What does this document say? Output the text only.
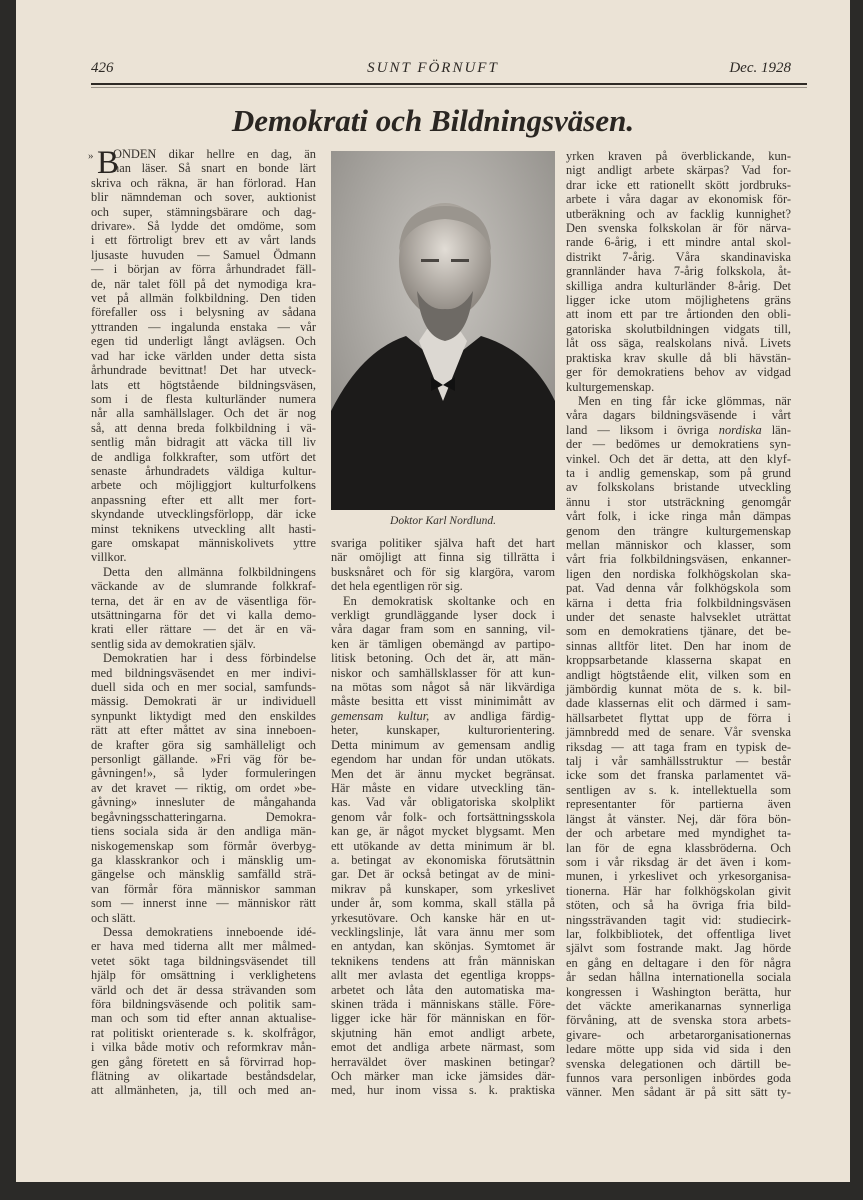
426	SUNT FÖRNUFT	Dec. 1928
Demokrati och Bildningsväsen.
Doktor Karl Nordlund.
» B
ONDEN dikar hellre en dag, än
han läser. Så snart en bonde lärt
skriva och räkna, är han förlorad. Han
blir nämndeman och sover, auktionist
och super, stämningsbärare och dag-
drivare». Så lydde det omdöme, som
i ett förtroligt brev ett av vårt lands
ljusaste huvuden — Samuel Ödmann
— i början av förra århundradet fäll-
de, när talet föll på det nymodiga kra-
vet på allmän folkbildning. Den tiden
förefaller oss i belysning av sådana
yttranden — ingalunda enstaka — vår
egen tid underligt långt avlägsen. Och
vad har icke världen under detta sista
århundrade bevittnat! Det har utveck-
lats ett högtstående bildningsväsen,
som i de flesta kulturländer numera
når alla samhällslager. Och det är nog
så, att denna breda folkbildning i vä-
sentlig mån bidragit att väcka till liv
de andliga folkkrafter, som utfört det
senaste århundradets väldiga kultur-
arbete och möjliggjort kulturfolkens
anpassning efter ett allt mer fort-
skyndande utvecklingsförlopp, där icke
minst teknikens utveckling allt hasti-
gare omskapat människolivets yttre
villkor.
Detta den allmänna folkbildningens
väckande av de slumrande folkkraf-
terna, det är en av de väsentliga för-
utsättningarna för det vi kalla demo-
krati eller rättare — det är en vä-
sentlig sida av demokratien själv.
Demokratien har i dess förbindelse
med bildningsväsendet en mer indivi-
duell sida och en mer social, samfunds-
mässig. Demokrati är ur individuell
synpunkt liktydigt med den enskildes
rätt att efter måttet av sina inneboen-
de krafter göra sig samhälleligt och
personligt gällande. »Fri väg för be-
gåvningen!», så lyder formuleringen
av det kravet — riktig, om ordet »be-
gåvning» innesluter de mångahanda
begåvningsschatteringarna. Demokra-
tiens sociala sida är den andliga män-
niskogemenskap som förmår överbyg-
ga klasskrankor och i mänsklig um-
gängelse och mänsklig samfälld strä-
van förmår föra människor samman
som — innerst inne — människor rätt
och slätt.
Dessa demokratiens inneboende idé-
er hava med tiderna allt mer målmed-
vetet sökt taga bildningsväsendet till
hjälp för omsättning i verklighetens
värld och det är dessa strävanden som
föra bildningsväsende och politik sam-
man och som tid efter annan aktualise-
rat politiskt orienterade s. k. skolfrågor,
i vilka både motiv och reformkrav mån-
gen gång företett en så förvirrad hop-
flätning av olikartade beståndsdelar,
att allmänheten, ja, till och med an-
svariga politiker själva haft det hart
när omöjligt att finna sig tillrätta i
busksnåret och för sig klargöra, varom
det hela egentligen rör sig.
En demokratisk skoltanke och en
verkligt grundläggande lyser dock i
våra dagar fram som en sanning, vil-
ken är tämligen obemängd av partipo-
litisk betoning. Och det är, att män-
niskor och samhällsklasser för att kun-
na mötas som något så när likvärdiga
måste besitta ett visst minimimått av
gemensam kultur, av andliga färdig-
heter, kunskaper, kulturorientering.
Detta minimum av gemensam andlig
egendom har undan för undan utökats.
Men det är ännu mycket begränsat.
Här måste en vidare utveckling tän-
kas. Vad vår obligatoriska skolplikt
genom vår folk- och fortsättningsskola
kan ge, är något mycket blygsamt. Men
ett utökande av detta minimum är bl.
a. betingat av ekonomiska förutsättnin
gar. Det är också betingat av de mini-
mikrav på kunskaper, som yrkeslivet
under år, som komma, skall ställa på
yrkesutövare. Och kanske här en ut-
vecklingslinje, låt vara ännu mer som
en antydan, kan skönjas. Symtomet är
teknikens tendens att från människan
allt mer avlasta det egentliga kropps-
arbetet och låta den automatiska ma-
skinen träda i människans ställe. Före-
ligger icke här för människan en för-
skjutning hän emot andligt arbete,
emot det andliga arbete närmast, som
herraväldet över maskinen betingar?
Och märker man icke jämsides där-
med, hur inom vissa s. k. praktiska
yrken kraven på överblickande, kun-
nigt andligt arbete skärpas? Vad for-
drar icke ett rationellt skött jordbruks-
arbete i våra dagar av ekonomisk för-
utberäkning och av facklig kunnighet?
Den svenska folkskolan är för närva-
rande 6-årig, i ett mindre antal skol-
distrikt 7-årig. Våra skandinaviska
grannländer hava 7-årig folkskola, åt-
skilliga andra kulturländer 8-årig. Det
ligger icke utom möjlighetens gräns
att inom ett par tre årtionden den obli-
gatoriska skolutbildningen vidgats till,
låt oss säga, realskolans nivå. Livets
praktiska krav skulle då bli hävstän-
ger för demokratiens behov av vidgad
kulturgemenskap.
Men en ting får icke glömmas, när
våra dagars bildningsväsende i vårt
land — liksom i övriga nordiska län-
der — bedömes ur demokratiens syn-
vinkel. Och det är detta, att den klyf-
ta i andlig gemenskap, som på grund
av folkskolans bristande utveckling
ännu i stor utsträckning genomgår
vårt folk, i icke ringa mån dämpas
genom den trängre kulturgemenskap
mellan människor och klasser, som
vårt fria folkbildningsväsen, enkanner-
ligen den nordiska folkhögskolan ska-
pat. Vad denna vår folkhögskola som
kärna i detta fria folkbildningsväsen
under det senaste halvseklet uträttat
som en demokratiens tjänare, det be-
sinnas alltför litet. Den har inom de
kroppsarbetande klasserna skapat en
andligt högtstående elit, vilken som en
jämbördig kunnat möta de s. k. bil-
dade klassernas elit och därmed i sam-
hällsarbetet flyttat upp de förra i
jämnbredd med de senare. Vår svenska
riksdag — att taga fram en typisk de-
talj i vår samhällsstruktur — består
icke som det franska parlamentet vä-
sentligen av s. k. intellektuella som
representanter för partierna även
längst åt vänster. Nej, där föra bön-
der och arbetare med myndighet ta-
lan för de egna klassbröderna. Och
som i vår riksdag är det även i kom-
munen, i yrkeslivet och yrkesorganisa-
tionerna. Här har folkhögskolan givit
stöten, och så ha övriga fria bild-
ningssträvanden tagit vid: studiecirk-
lar, folkbibliotek, det offentliga livet
självt som fostrande makt. Jag hörde
en gång en deltagare i den för några
år sedan hållna internationella sociala
kongressen i Washington berätta, hur
det väckte amerikanarnas synnerliga
förvåning, att de svenska stora arbets-
givare- och arbetarorganisationernas
ledare mötte upp sida vid sida i den
svenska delegationen och därtill be-
funnos vara personligen inbördes goda
vänner. Men sådant är på sitt sätt ty-
